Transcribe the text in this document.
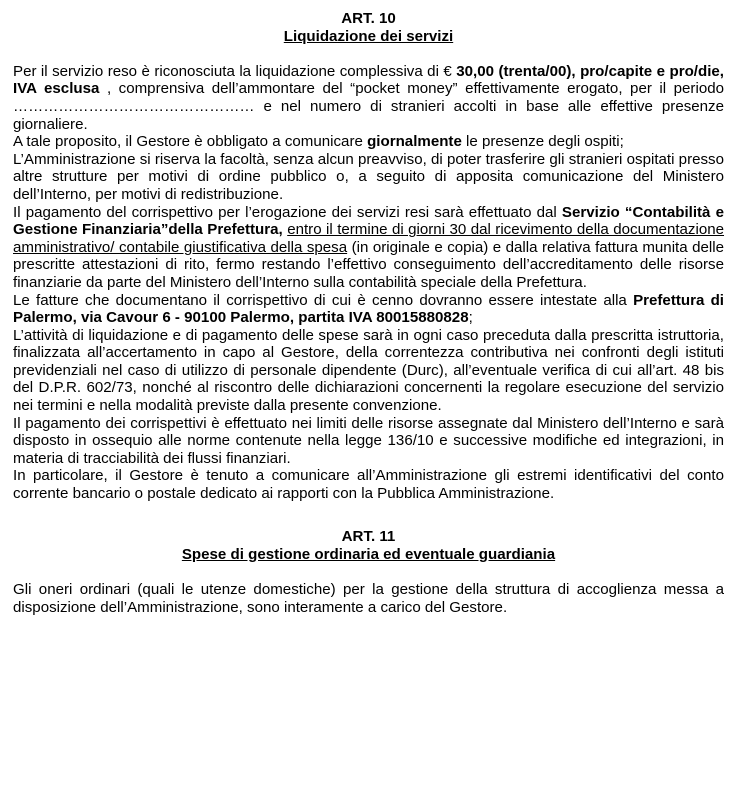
ART. 10
Liquidazione dei servizi

Per il servizio reso è riconosciuta la liquidazione complessiva di € 30,00 (trenta/00), pro/capite e pro/die, IVA esclusa , comprensiva dell’ammontare del “pocket money” effettivamente erogato, per il periodo ………………………………………… e nel numero di stranieri accolti in base alle effettive presenze giornaliere.

A tale proposito, il Gestore è obbligato a comunicare giornalmente le presenze degli ospiti;

L’Amministrazione si riserva la facoltà, senza alcun preavviso, di poter trasferire gli stranieri ospitati presso altre strutture per motivi di ordine pubblico o, a seguito di apposita comunicazione del Ministero dell’Interno, per motivi di redistribuzione.

Il pagamento del corrispettivo per l’erogazione dei servizi resi sarà effettuato dal Servizio “Contabilità e Gestione Finanziaria”della Prefettura, entro il termine di giorni 30 dal ricevimento della documentazione amministrativo/ contabile giustificativa della spesa (in originale e copia) e dalla relativa fattura munita delle prescritte attestazioni di rito, fermo restando l’effettivo conseguimento dell’accreditamento delle risorse finanziarie da parte del Ministero dell’Interno sulla contabilità speciale della Prefettura.

Le fatture che documentano il corrispettivo di cui è cenno dovranno essere intestate alla Prefettura di Palermo, via Cavour 6 - 90100 Palermo, partita IVA 80015880828;

L’attività di liquidazione e di pagamento delle spese sarà in ogni caso preceduta dalla prescritta istruttoria, finalizzata all’accertamento in capo al Gestore, della correntezza contributiva nei confronti degli istituti previdenziali nel caso di utilizzo di personale dipendente (Durc), all’eventuale verifica di cui all’art. 48 bis del D.P.R. 602/73, nonché al riscontro delle dichiarazioni concernenti la regolare esecuzione del servizio nei termini e nella modalità previste dalla presente convenzione.

Il pagamento dei corrispettivi è effettuato nei limiti delle risorse assegnate dal Ministero dell’Interno e sarà disposto in ossequio alle norme contenute nella legge 136/10 e successive modifiche ed integrazioni, in materia di tracciabilità dei flussi finanziari.

In particolare, il Gestore è tenuto a comunicare all’Amministrazione gli estremi identificativi del conto corrente bancario o postale dedicato ai rapporti con la Pubblica Amministrazione.

ART. 11
Spese di gestione ordinaria ed eventuale guardiania

Gli oneri ordinari (quali le utenze domestiche) per la gestione della struttura di accoglienza messa a disposizione dell’Amministrazione, sono interamente a carico del Gestore.
